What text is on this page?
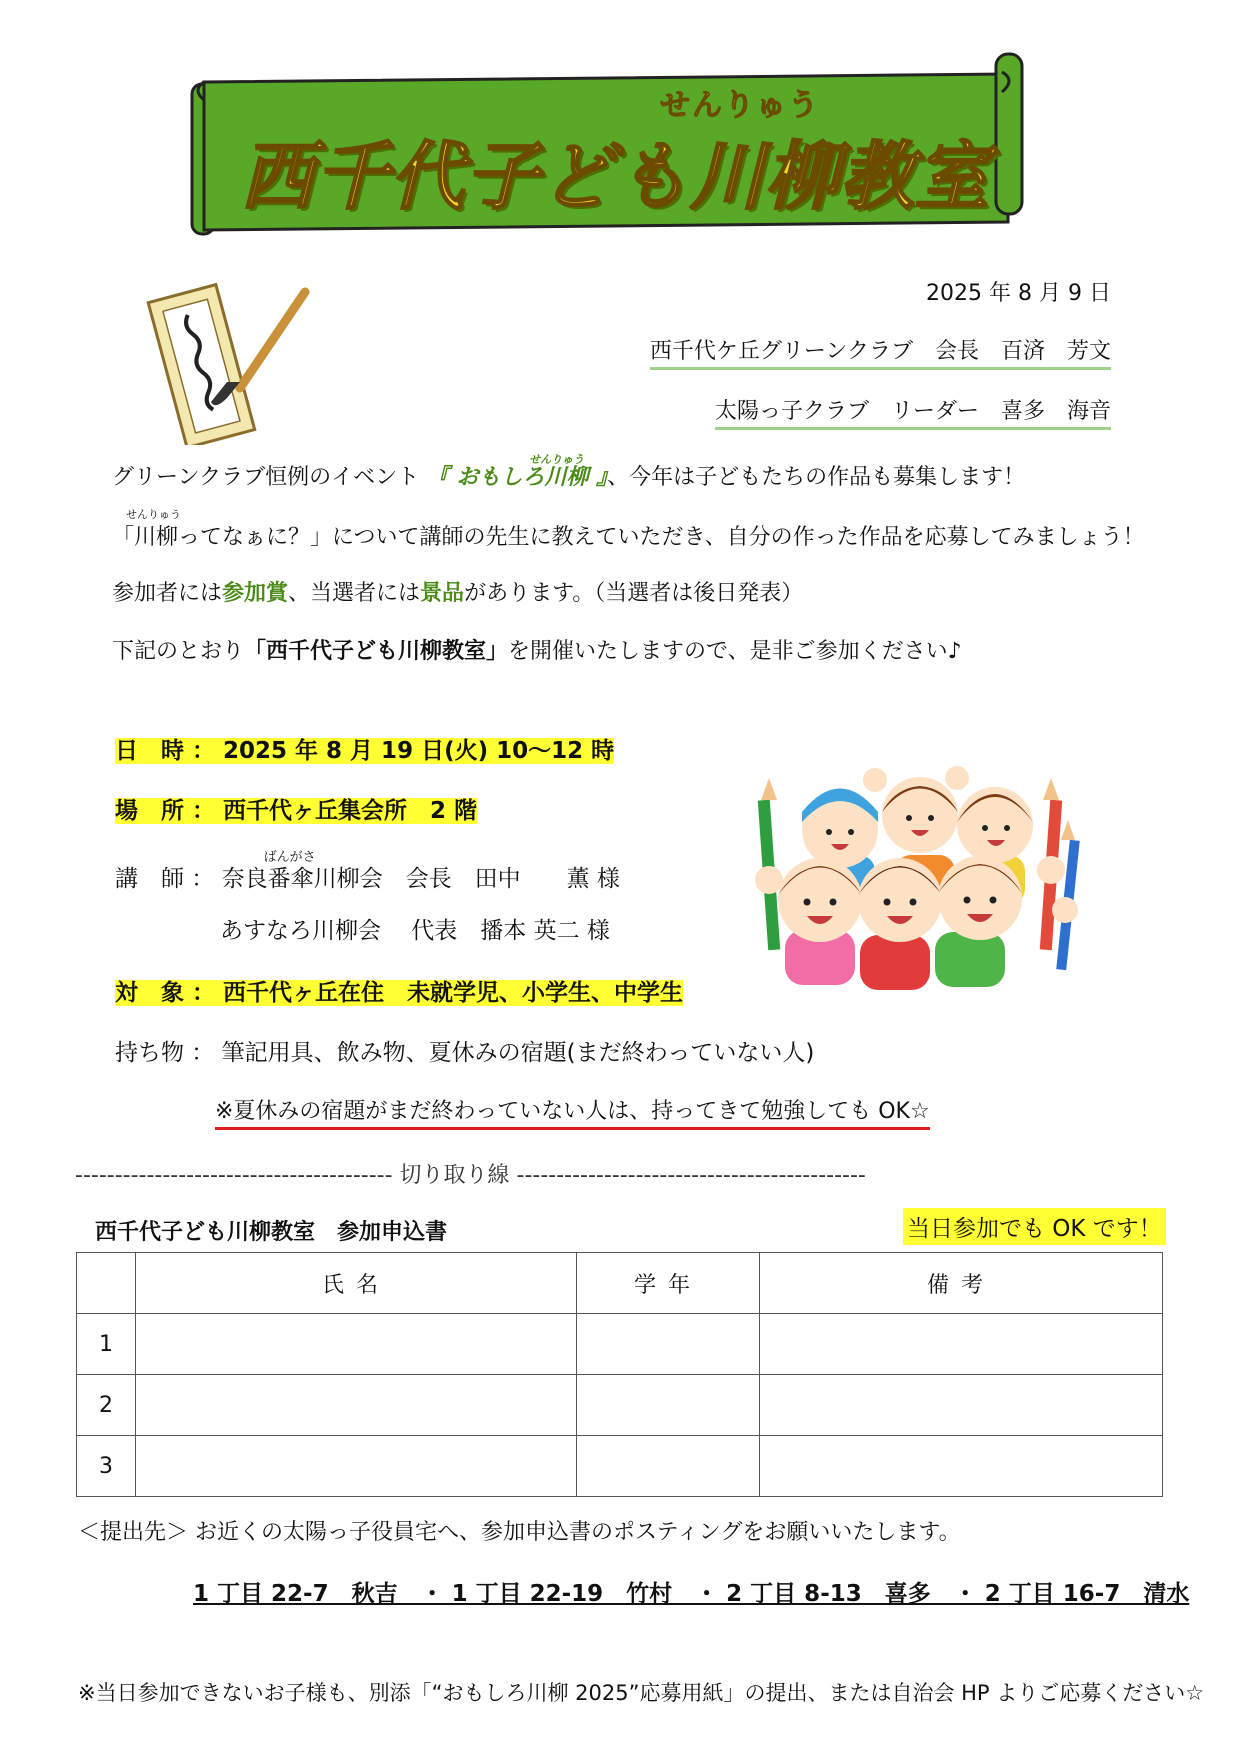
せんりゅう
西千代子ども川柳教室
2025 年 8 月 9 日
西千代ケ丘グリーンクラブ　会長　百済　芳文
太陽っ子クラブ　リーダー　喜多　海音
グリーンクラブ恒例のイベント
せんりゅう
『 おもしろ川柳 』、今年は子どもたちの作品も募集します！
せんりゅう
「川柳ってなぁに？」について講師の先生に教えていただき、自分の作った作品を応募してみましょう！
参加者には参加賞、当選者には景品があります。（当選者は後日発表）
下記のとおり「西千代子ども川柳教室」を開催いたしますので、是非ご参加ください♪
日　時 ： 2025 年 8 月 19 日(火) 10～12 時
場　所 ： 西千代ヶ丘集会所　2 階
講　師 ：
ばんがさ
奈良番傘川柳会　会長　田中　　薫 様
あすなろ川柳会　 代表　播本 英二 様
対　象 ： 西千代ヶ丘在住　未就学児、小学生、中学生
持ち物 ： 筆記用具、飲み物、夏休みの宿題(まだ終わっていない人)
※夏休みの宿題がまだ終わっていない人は、持ってきて勉強しても OK☆
---------------------------------------- 切り取り線 --------------------------------------------
西千代子ども川柳教室　参加申込書	当日参加でも OK です！
	氏名	学年	備考
1			
2			
3			
＜提出先＞ お近くの太陽っ子役員宅へ、参加申込書のポスティングをお願いいたします。
1 丁目 22-7　秋吉　・ 1 丁目 22-19　竹村　・ 2 丁目 8-13　喜多　・ 2 丁目 16-7　清水
※当日参加できないお子様も、別添「“おもしろ川柳 2025”応募用紙」の提出、または自治会 HP よりご応募ください☆
